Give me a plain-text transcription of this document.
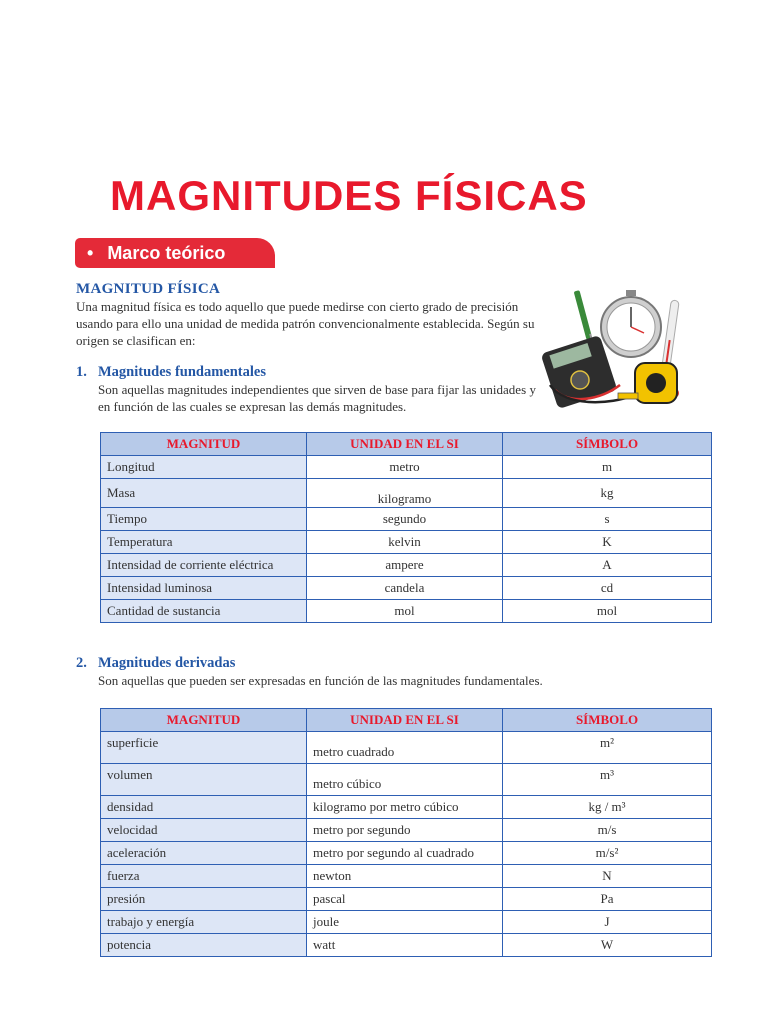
MAGNITUDES FÍSICAS
• Marco teórico
MAGNITUD FÍSICA

Una magnitud física es todo aquello que puede medirse con cierto grado de precisión usando para ello una unidad de medida patrón convencionalmente establecida. Según su origen se clasifican en:

1. Magnitudes fundamentales

Son aquellas magnitudes independientes que sirven de base para fijar las unidades y en función de las cuales se expresan las demás magnitudes.

MAGNITUD	UNIDAD EN EL SI	SÍMBOLO
Longitud	metro	m
Masa	kilogramo	kg
Tiempo	segundo	s
Temperatura	kelvin	K
Intensidad de corriente eléctrica	ampere	A
Intensidad luminosa	candela	cd
Cantidad de sustancia	mol	mol
2. Magnitudes derivadas

Son aquellas que pueden ser expresadas en función de las magnitudes fundamentales.

MAGNITUD	UNIDAD EN EL SI	SÍMBOLO
superficie	metro cuadrado	m²
volumen	metro cúbico	m³
densidad	kilogramo por metro cúbico	kg / m³
velocidad	metro por segundo	m/s
aceleración	metro por segundo al cuadrado	m/s²
fuerza	newton	N
presión	pascal	Pa
trabajo y energía	joule	J
potencia	watt	W
